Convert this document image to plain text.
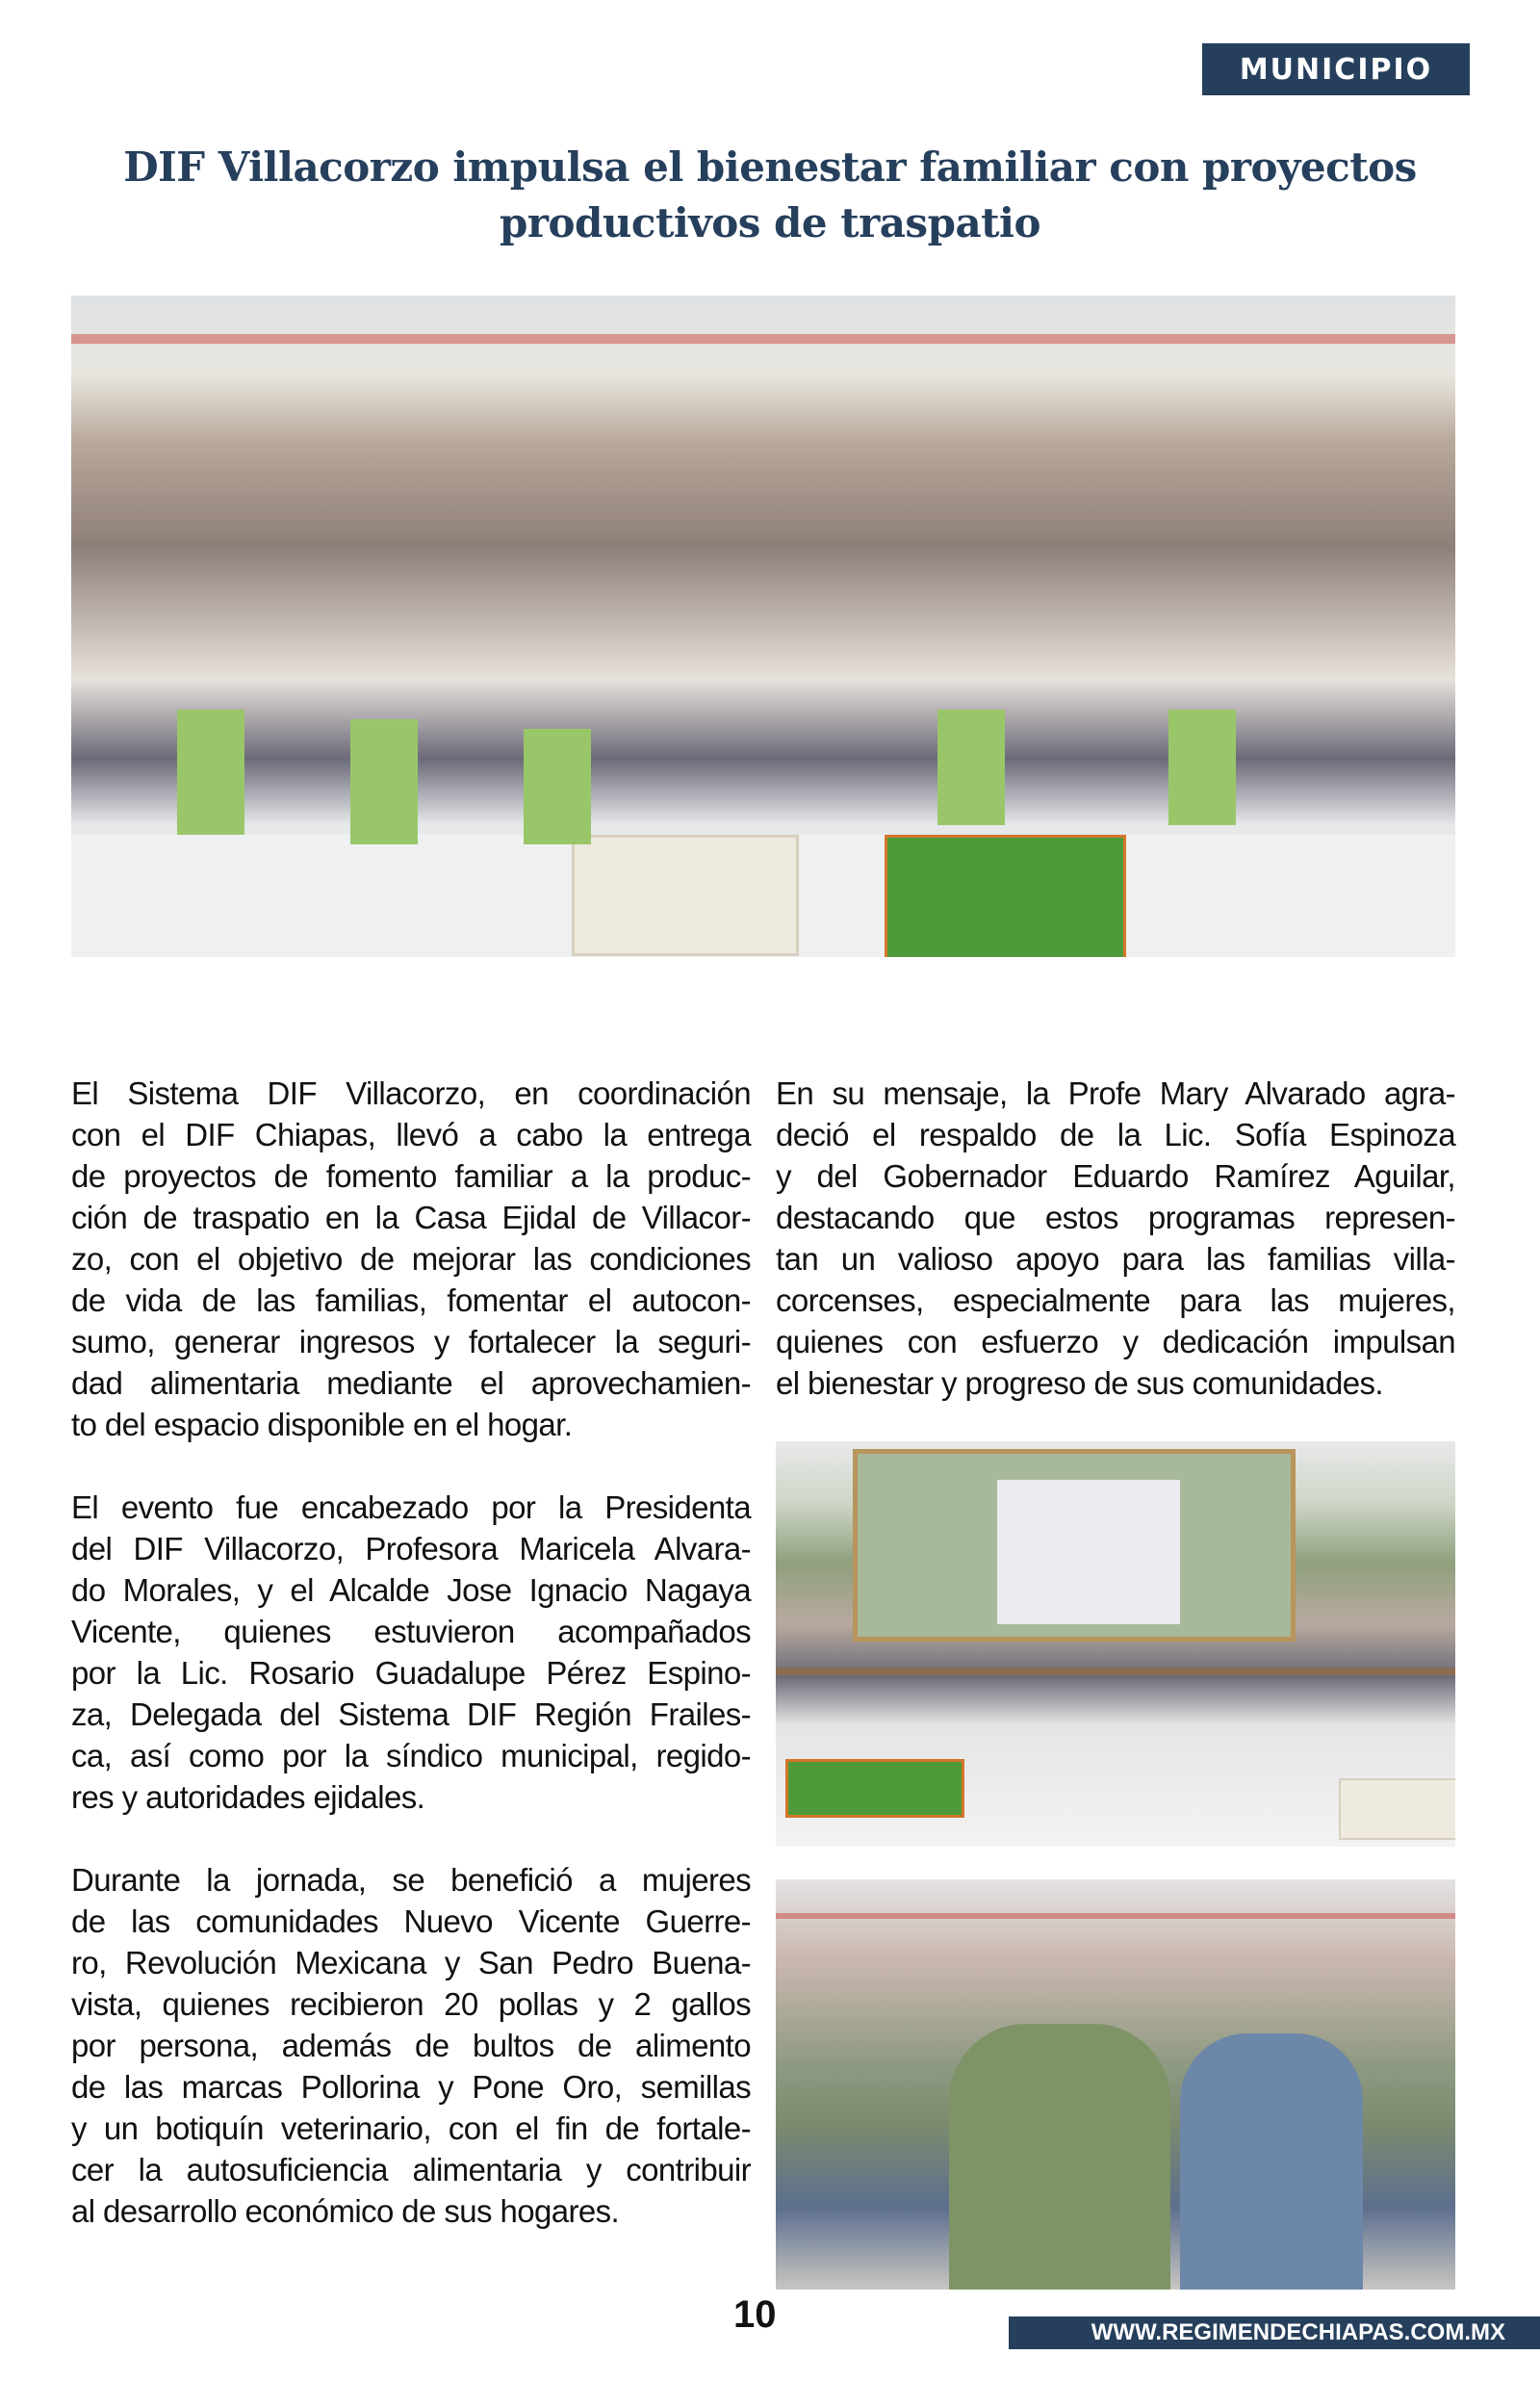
MUNICIPIO
DIF Villacorzo impulsa el bienestar familiar con proyectos
productivos de traspatio
El Sistema DIF Villacorzo, en coordinación
con el DIF Chiapas, llevó a cabo la entrega
de proyectos de fomento familiar a la produc-
ción de traspatio en la Casa Ejidal de Villacor-
zo, con el objetivo de mejorar las condiciones
de vida de las familias, fomentar el autocon-
sumo, generar ingresos y fortalecer la seguri-
dad alimentaria mediante el aprovechamien-
to del espacio disponible en el hogar.
El evento fue encabezado por la Presidenta
del DIF Villacorzo, Profesora Maricela Alvara-
do Morales, y el Alcalde Jose Ignacio Nagaya
Vicente, quienes estuvieron acompañados
por la Lic. Rosario Guadalupe Pérez Espino-
za, Delegada del Sistema DIF Región Frailes-
ca, así como por la síndico municipal, regido-
res y autoridades ejidales.
Durante la jornada, se benefició a mujeres
de las comunidades Nuevo Vicente Guerre-
ro, Revolución Mexicana y San Pedro Buena-
vista, quienes recibieron 20 pollas y 2 gallos
por persona, además de bultos de alimento
de las marcas Pollorina y Pone Oro, semillas
y un botiquín veterinario, con el fin de fortale-
cer la autosuficiencia alimentaria y contribuir
al desarrollo económico de sus hogares.
En su mensaje, la Profe Mary Alvarado agra-
deció el respaldo de la Lic. Sofía Espinoza
y del Gobernador Eduardo Ramírez Aguilar,
destacando que estos programas represen-
tan un valioso apoyo para las familias villa-
corcenses, especialmente para las mujeres,
quienes con esfuerzo y dedicación impulsan
el bienestar y progreso de sus comunidades.
10	WWW.REGIMENDECHIAPAS.COM.MX
